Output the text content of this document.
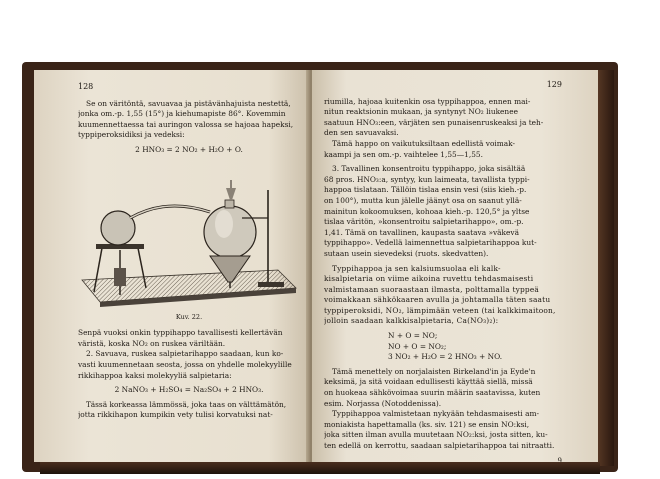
128
Se on väritöntä, savuavaa ja pistävänhajuista nestettä,
jonka om.-p. 1,55 (15°) ja kiehumapiste 86°. Kovemmin
kuumennettaessa tai auringon valossa se hajoaa hapeksi,
typpiperoksidiksi ja vedeksi:
2 HNO₃ = 2 NO₂ + H₂O + O.
Kuv. 22.
Senpä vuoksi onkin typpihappo tavallisesti kellertävän
väristä, koska NO₂ on ruskea väriltään.
2. Savuava, ruskea salpietarihappo saadaan, kun ko-
vasti kuumennetaan seosta, jossa on yhdelle molekyylille
rikkihappoa kaksi molekyyliä salpietaria:
2 NaNO₃ + H₂SO₄ = Na₂SO₄ + 2 HNO₃.
Tässä korkeassa lämmössä, joka taas on välttämätön,
jotta rikkihapon kumpikin vety tulisi korvatuksi nat-
129
riumilla, hajoaa kuitenkin osa typpihappoa, ennen mai-
nitun reaktsionin mukaan, ja syntynyt NO₂ liukenee
saatuun HNO₃:een, värjäten sen punaisenruskeaksi ja teh-
den sen savuavaksi.
Tämä happo on vaikutuksiltaan edellistä voimak-
kaampi ja sen om.-p. vaihtelee 1,55—1,55.
3. Tavallinen konsentroitu typpihappo, joka sisältää
68 pros. HNO₃:a, syntyy, kun laimeata, tavallista typpi-
happoa tislataan. Tällöin tislaa ensin vesi (siis kieh.-p.
on 100°), mutta kun jälelle jäänyt osa on saanut yllä-
mainitun kokoomuksen, kohoaa kieh.-p. 120,5° ja yltse
tislaa väritön, »konsentroitu salpietarihappo», om.-p.
1,41. Tämä on tavallinen, kaupasta saatava »väkevä
typpihappo». Vedellä laimennettua salpietarihappoa kut-
sutaan usein sievedeksi (ruots. skedvatten).
Typpihappoa ja sen kalsiumsuolaa eli kalk-
kisalpietaria on viime aikoina ruvettu tehdasmaisesti
valmistamaan suoraastaan ilmasta, polttamalla typpeä
voimakkaan sähkökaaren avulla ja johtamalla täten saatu
typpiperoksidi, NO₂, lämpimään veteen (tai kalkkimaitoon,
jolloin saadaan kalkkisalpietaria, Ca(NO₃)₂):
N + O = NO;
NO + O = NO₂;
3 NO₂ + H₂O = 2 HNO₃ + NO.
Tämä menettely on norjalaisten Birkeland'in ja Eyde'n
keksimä, ja sitä voidaan edullisesti käyttää siellä, missä
on huokeaa sähkövoimaa suurin määrin saatavissa, kuten
esim. Norjassa (Notoddenissa).
Typpihappoa valmistetaan nykyään tehdasmaisesti am-
moniakista hapettamalla (ks. siv. 121) se ensin NO:ksi,
joka sitten ilman avulla muutetaan NO₂:ksi, josta sitten, ku-
ten edellä on kerrottu, saadaan salpietarihappoa tai nitraatti.
9
